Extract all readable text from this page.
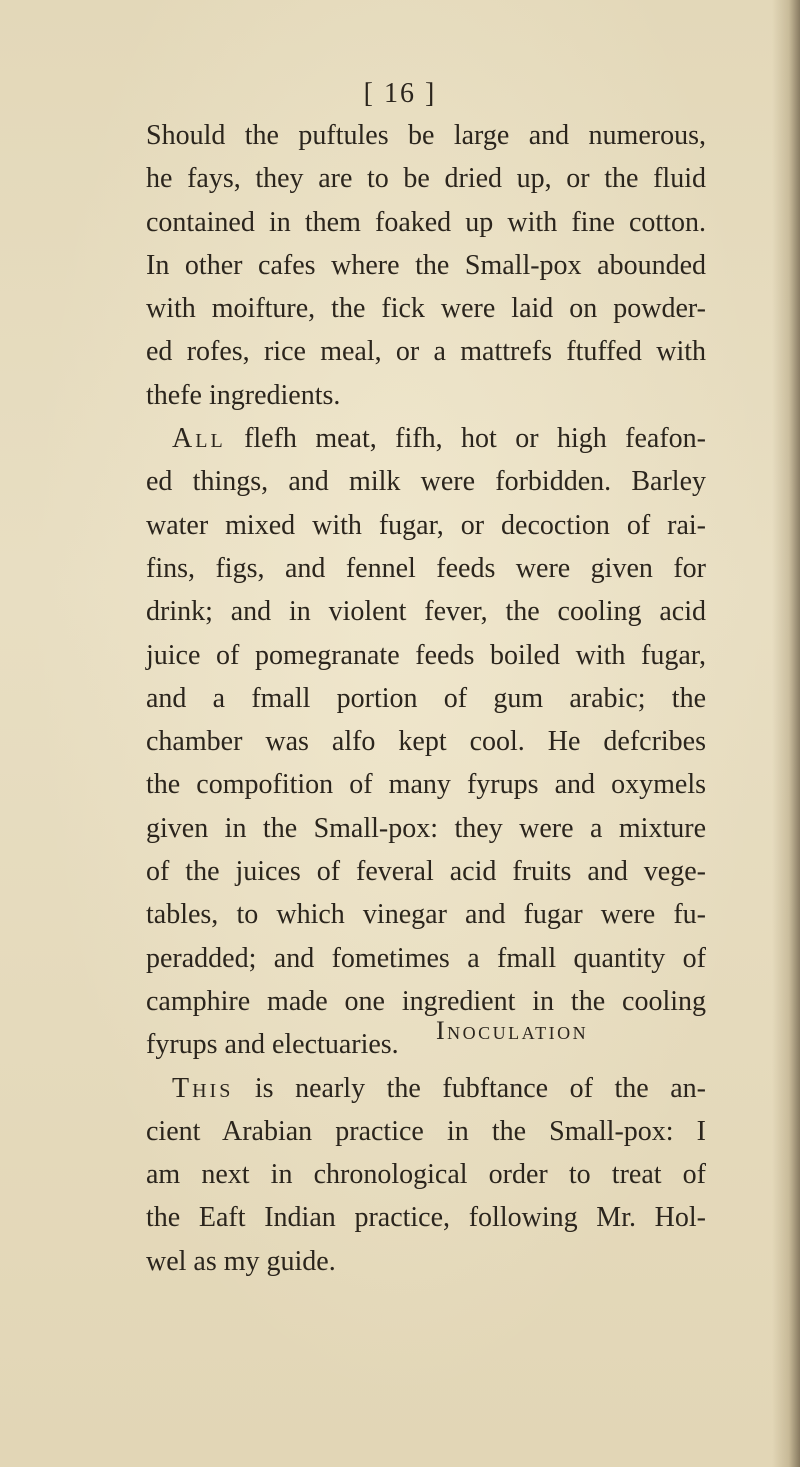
[ 16 ]
Should the puftules be large and numerous,
he fays, they are to be dried up, or the fluid
contained in them foaked up with fine cotton.
In other cafes where the Small-pox abounded
with moifture, the fick were laid on powder-
ed rofes, rice meal, or a mattrefs ftuffed with
thefe ingredients.
All flefh meat, fifh, hot or high feafon-
ed things, and milk were forbidden. Barley
water mixed with fugar, or decoction of rai-
fins, figs, and fennel feeds were given for
drink; and in violent fever, the cooling acid
juice of pomegranate feeds boiled with fugar,
and a fmall portion of gum arabic; the
chamber was alfo kept cool. He defcribes
the compofition of many fyrups and oxymels
given in the Small-pox: they were a mixture
of the juices of feveral acid fruits and vege-
tables, to which vinegar and fugar were fu-
peradded; and fometimes a fmall quantity of
camphire made one ingredient in the cooling
fyrups and electuaries.
This is nearly the fubftance of the an-
cient Arabian practice in the Small-pox: I
am next in chronological order to treat of
the Eaft Indian practice, following Mr. Hol-
wel as my guide.
Inoculation
